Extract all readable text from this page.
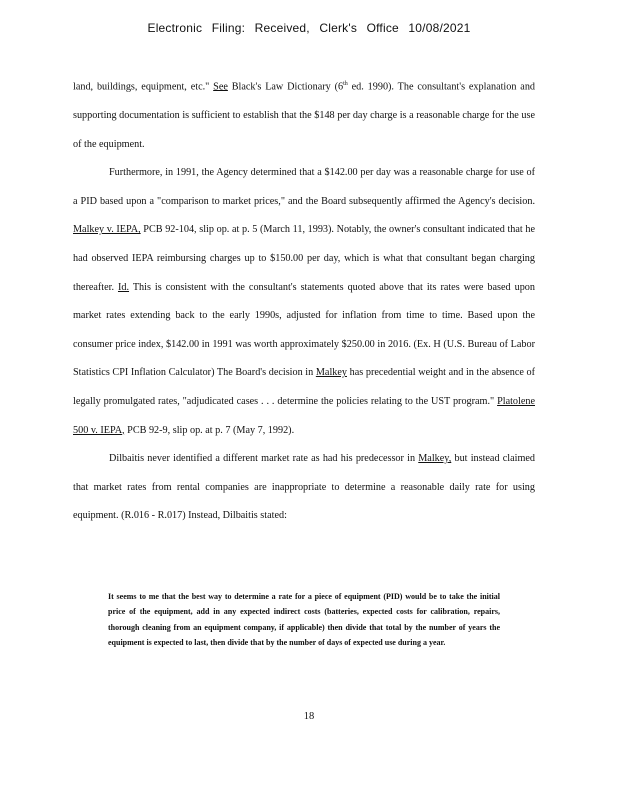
Electronic Filing: Received, Clerk's Office 10/08/2021

land, buildings, equipment, etc." See Black's Law Dictionary (6th ed. 1990). The consultant's explanation and supporting documentation is sufficient to establish that the $148 per day charge is a reasonable charge for the use of the equipment.

Furthermore, in 1991, the Agency determined that a $142.00 per day was a reasonable charge for use of a PID based upon a "comparison to market prices," and the Board subsequently affirmed the Agency's decision. Malkey v. IEPA, PCB 92-104, slip op. at p. 5 (March 11, 1993). Notably, the owner's consultant indicated that he had observed IEPA reimbursing charges up to $150.00 per day, which is what that consultant began charging thereafter. Id. This is consistent with the consultant's statements quoted above that its rates were based upon market rates extending back to the early 1990s, adjusted for inflation from time to time. Based upon the consumer price index, $142.00 in 1991 was worth approximately $250.00 in 2016. (Ex. H (U.S. Bureau of Labor Statistics CPI Inflation Calculator) The Board's decision in Malkey has precedential weight and in the absence of legally promulgated rates, "adjudicated cases . . . determine the policies relating to the UST program." Platolene 500 v. IEPA, PCB 92-9, slip op. at p. 7 (May 7, 1992).

Dilbaitis never identified a different market rate as had his predecessor in Malkey, but instead claimed that market rates from rental companies are inappropriate to determine a reasonable daily rate for using equipment. (R.016 - R.017) Instead, Dilbaitis stated:

It seems to me that the best way to determine a rate for a piece of equipment (PID) would be to take the initial price of the equipment, add in any expected indirect costs (batteries, expected costs for calibration, repairs, thorough cleaning from an equipment company, if applicable) then divide that total by the number of years the equipment is expected to last, then divide that by the number of days of expected use during a year.

18
